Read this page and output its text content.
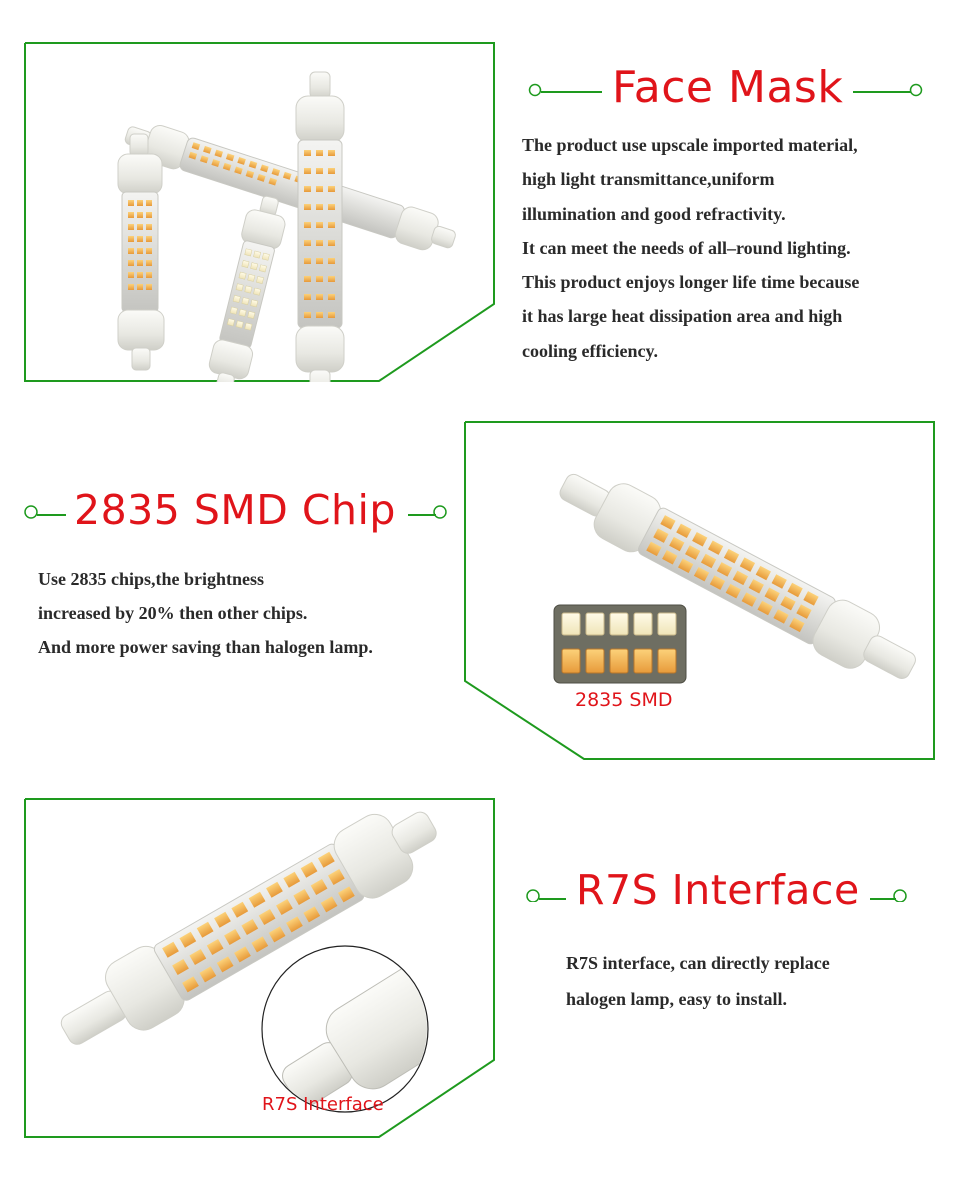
Face Mask
The product use upscale imported material,
high light transmittance,uniform
illumination and good refractivity.
It can meet the needs of all–round lighting.
This product enjoys longer life time because
it has large heat dissipation area and high
cooling efficiency.
2835 SMD Chip
Use 2835 chips,the brightness
increased by 20% then other chips.
And more power saving than halogen lamp.
2835 SMD
R7S Interface
R7S Interface
R7S interface, can directly replace
halogen lamp, easy to install.
